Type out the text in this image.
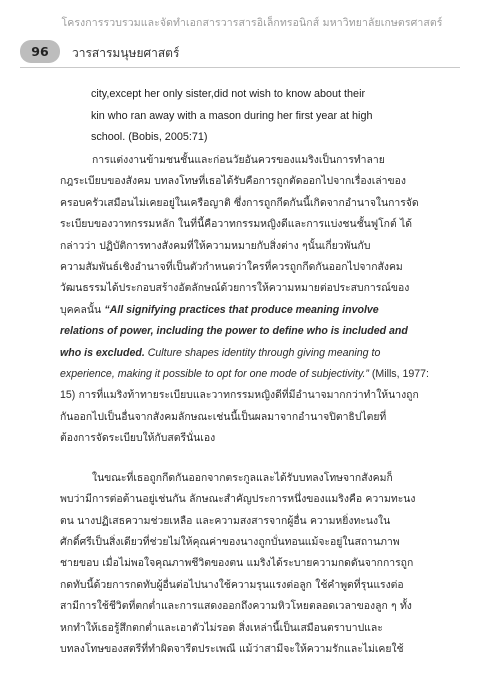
โครงการรวบรวมและจัดทำเอกสารวารสารอิเล็กทรอนิกส์ มหาวิทยาลัยเกษตรศาสตร์
96	วารสารมนุษยศาสตร์
city,except her only sister,did not wish to know about their
kin who ran away with a mason during her first year at high
school. (Bobis, 2005:71)
การแต่งงานข้ามชนชั้นและก่อนวัยอันควรของแมริงเป็นการทำลาย
กฎระเบียบของสังคม บทลงโทษที่เธอได้รับคือการถูกตัดออกไปจากเรื่องเล่าของ
ครอบครัวเสมือนไม่เคยอยู่ในเครือญาติ ซึ่งการถูกกีดกันนี้เกิดจากอำนาจในการจัด
ระเบียบของวาทกรรมหลัก ในที่นี้คือวาทกรรมหญิงดีและการแบ่งชนชั้นฟูโกต์ ได้
กล่าวว่า ปฏิบัติการทางสังคมที่ให้ความหมายกับสิ่งต่าง ๆนั้นเกี่ยวพันกับ
ความสัมพันธ์เชิงอำนาจที่เป็นตัวกำหนดว่าใครที่ควรถูกกีดกันออกไปจากสังคม
วัฒนธรรมได้ประกอบสร้างอัตลักษณ์ด้วยการให้ความหมายต่อประสบการณ์ของ
บุคคลนั้น “All signifying practices that produce meaning involve
relations of power, including the power to define who is included and
who is excluded. Culture shapes identity through giving meaning to
experience, making it possible to opt for one mode of subjectivity.” (Mills, 1977:
15) การที่แมริงท้าทายระเบียบและวาทกรรมหญิงดีที่มีอำนาจมากกว่าทำให้นางถูก
กันออกไปเป็นอื่นจากสังคมลักษณะเช่นนี้เป็นผลมาจากอำนาจปิตาธิปไตยที่
ต้องการจัดระเบียบให้กับสตรีนั่นเอง
ในขณะที่เธอถูกกีดกันออกจากตระกูลและได้รับบทลงโทษจากสังคมก็
พบว่ามีการต่อต้านอยู่เช่นกัน ลักษณะสำคัญประการหนึ่งของแมริงคือ ความทะนง
ตน นางปฏิเสธความช่วยเหลือ และความสงสารจากผู้อื่น ความหยิ่งทะนงใน
ศักดิ์ศรีเป็นสิ่งเดียวที่ช่วยไม่ให้คุณค่าของนางถูกบั่นทอนแม้จะอยู่ในสถานภาพ
ชายขอบ เมื่อไม่พอใจคุณภาพชีวิตของตน แมริงได้ระบายความกดดันจากการถูก
กดทับนี้ด้วยการกดทับผู้อื่นต่อไปนางใช้ความรุนแรงต่อลูก ใช้คำพูดที่รุนแรงต่อ
สามีการใช้ชีวิตที่ตกต่ำและการแสดงออกถึงความหิวโหยตลอดเวลาของลูก ๆ ทั้ง
หกทำให้เธอรู้สึกตกต่ำและเอาตัวไม่รอด สิ่งเหล่านี้เป็นเสมือนตราบาปและ
บทลงโทษของสตรีที่ทำผิดจารีตประเพณี แม้ว่าสามีจะให้ความรักและไม่เคยใช้
